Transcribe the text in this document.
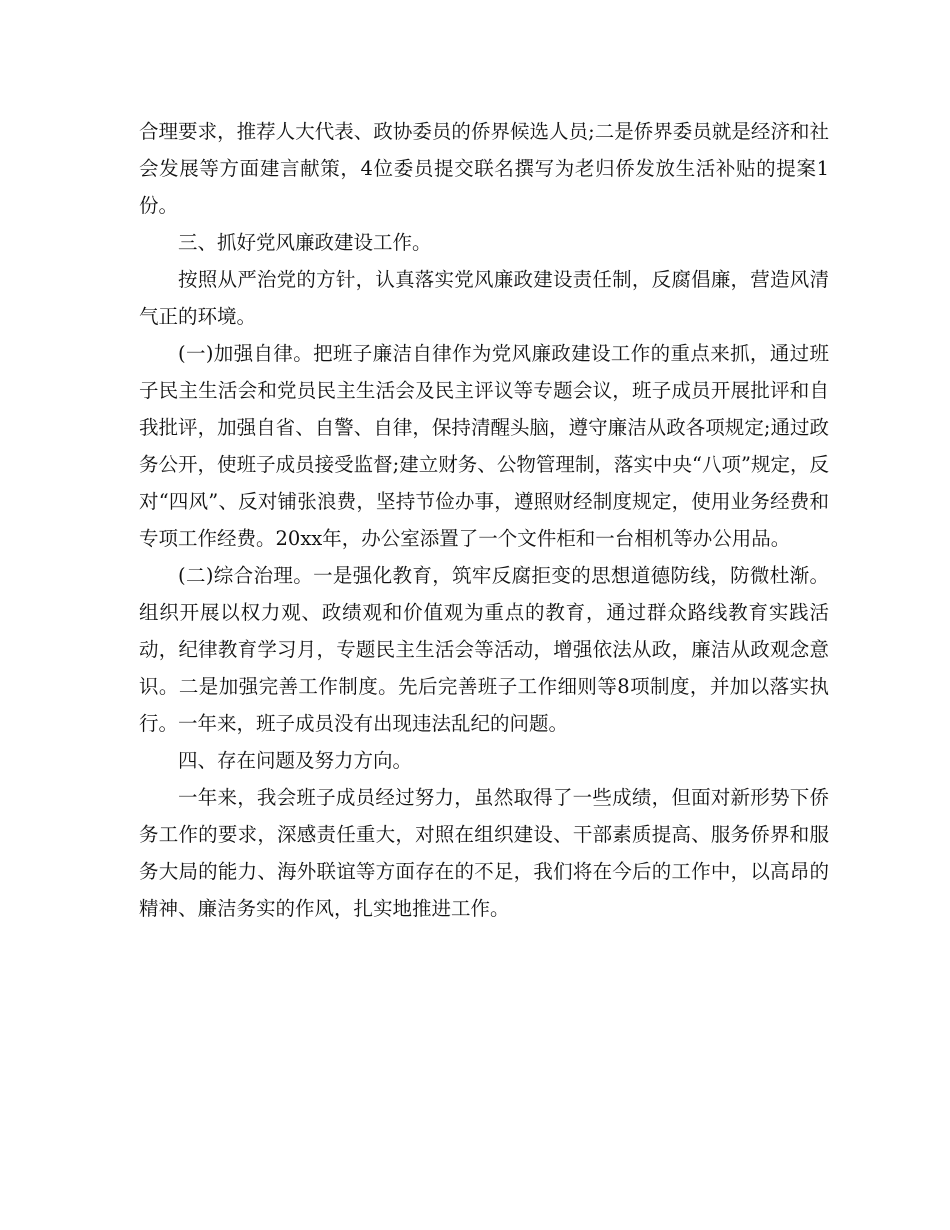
合理要求，推荐人大代表、政协委员的侨界候选人员;二是侨界委员就是经济和社会发展等方面建言献策，4位委员提交联名撰写为老归侨发放生活补贴的提案1份。

三、抓好党风廉政建设工作。

按照从严治党的方针，认真落实党风廉政建设责任制，反腐倡廉，营造风清气正的环境。

(一)加强自律。把班子廉洁自律作为党风廉政建设工作的重点来抓，通过班子民主生活会和党员民主生活会及民主评议等专题会议，班子成员开展批评和自我批评，加强自省、自警、自律，保持清醒头脑，遵守廉洁从政各项规定;通过政务公开，使班子成员接受监督;建立财务、公物管理制，落实中央“八项”规定，反对“四风”、反对铺张浪费，坚持节俭办事，遵照财经制度规定，使用业务经费和专项工作经费。20xx年，办公室添置了一个文件柜和一台相机等办公用品。

(二)综合治理。一是强化教育，筑牢反腐拒变的思想道德防线，防微杜渐。组织开展以权力观、政绩观和价值观为重点的教育，通过群众路线教育实践活动，纪律教育学习月，专题民主生活会等活动，增强依法从政，廉洁从政观念意识。二是加强完善工作制度。先后完善班子工作细则等8项制度，并加以落实执行。一年来，班子成员没有出现违法乱纪的问题。

四、存在问题及努力方向。

一年来，我会班子成员经过努力，虽然取得了一些成绩，但面对新形势下侨务工作的要求，深感责任重大，对照在组织建设、干部素质提高、服务侨界和服务大局的能力、海外联谊等方面存在的不足，我们将在今后的工作中，以高昂的精神、廉洁务实的作风，扎实地推进工作。
